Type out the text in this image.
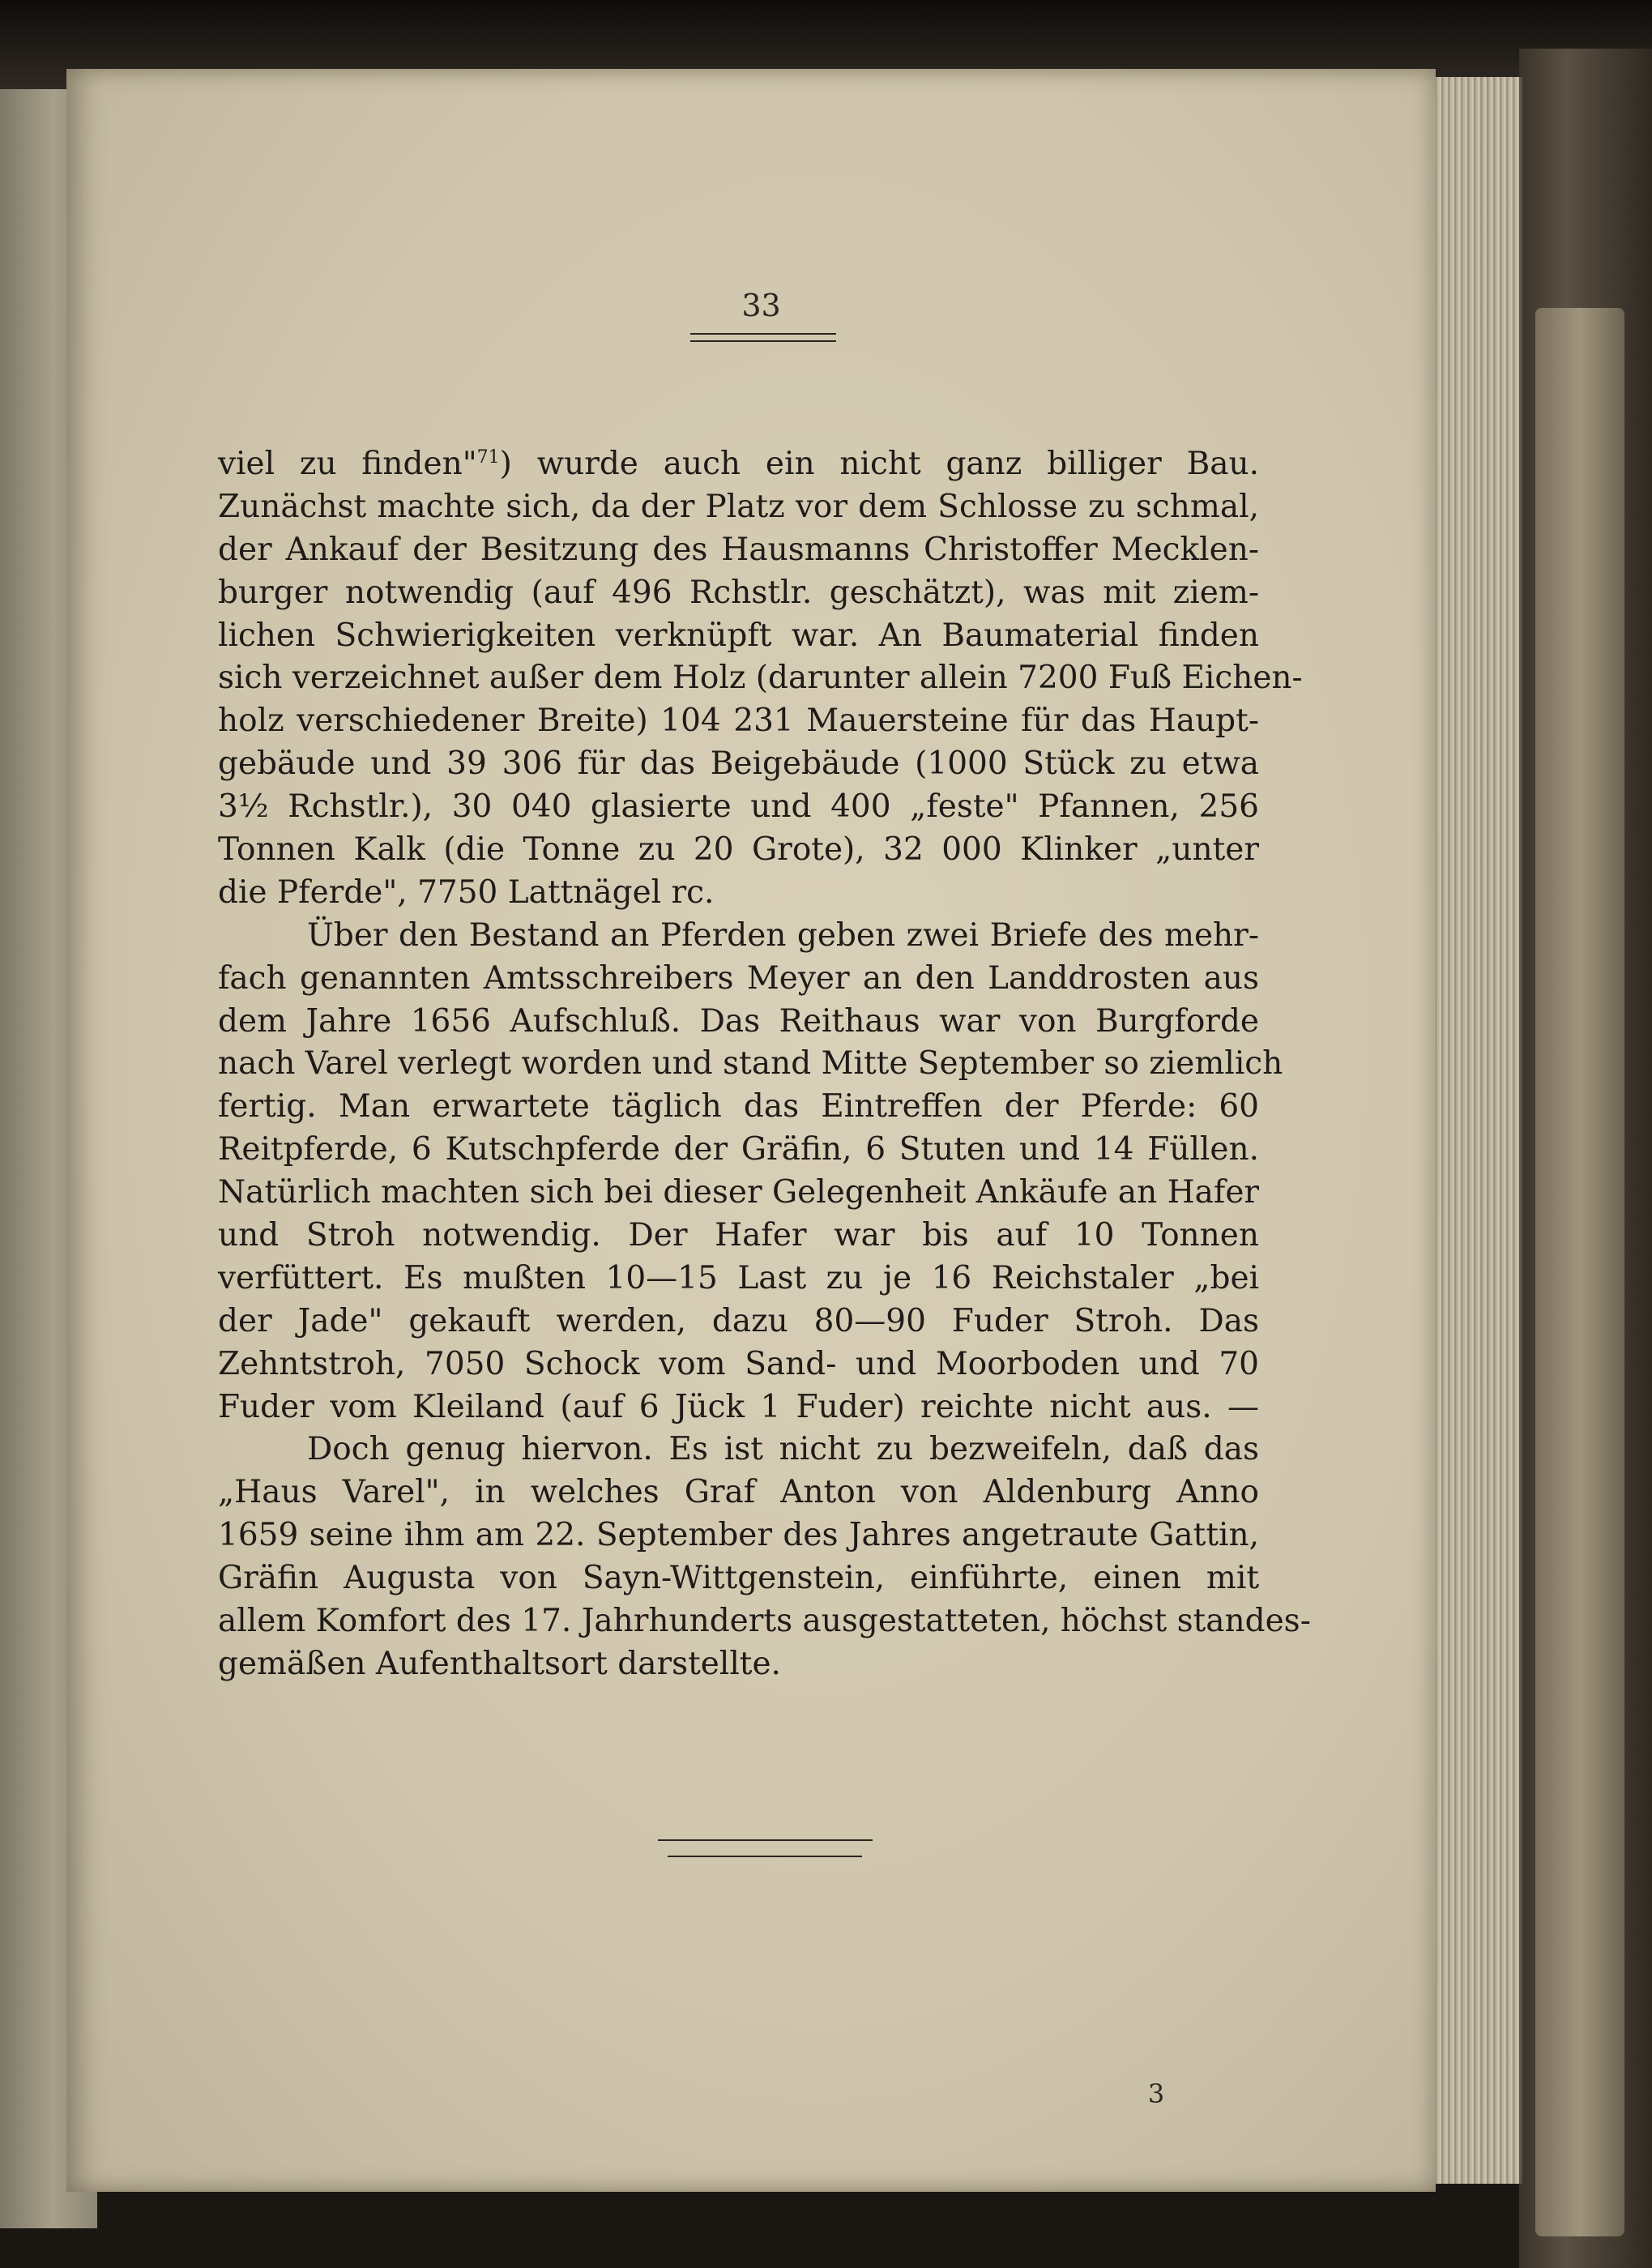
33
viel zu finden"$^{71}$) wurde auch ein nicht ganz billiger Bau.
Zunächst machte sich, da der Platz vor dem Schlosse zu schmal,
der Ankauf der Besitzung des Hausmanns Christoffer Mecklen-
burger notwendig (auf 496 Rchstlr. geschätzt), was mit ziem-
lichen Schwierigkeiten verknüpft war. An Baumaterial finden
sich verzeichnet außer dem Holz (darunter allein 7200 Fuß Eichen-
holz verschiedener Breite) 104 231 Mauersteine für das Haupt-
gebäude und 39 306 für das Beigebäude (1000 Stück zu etwa
3½ Rchstlr.), 30 040 glasierte und 400 „feste" Pfannen, 256
Tonnen Kalk (die Tonne zu 20 Grote), 32 000 Klinker „unter
die Pferde", 7750 Lattnägel rc.
Über den Bestand an Pferden geben zwei Briefe des mehr-
fach genannten Amtsschreibers Meyer an den Landdrosten aus
dem Jahre 1656 Aufschluß. Das Reithaus war von Burgforde
nach Varel verlegt worden und stand Mitte September so ziemlich
fertig. Man erwartete täglich das Eintreffen der Pferde: 60
Reitpferde, 6 Kutschpferde der Gräfin, 6 Stuten und 14 Füllen.
Natürlich machten sich bei dieser Gelegenheit Ankäufe an Hafer
und Stroh notwendig. Der Hafer war bis auf 10 Tonnen
verfüttert. Es mußten 10—15 Last zu je 16 Reichstaler „bei
der Jade" gekauft werden, dazu 80—90 Fuder Stroh. Das
Zehntstroh, 7050 Schock vom Sand- und Moorboden und 70
Fuder vom Kleiland (auf 6 Jück 1 Fuder) reichte nicht aus. —
Doch genug hiervon. Es ist nicht zu bezweifeln, daß das
„Haus Varel", in welches Graf Anton von Aldenburg Anno
1659 seine ihm am 22. September des Jahres angetraute Gattin,
Gräfin Augusta von Sayn-Wittgenstein, einführte, einen mit
allem Komfort des 17. Jahrhunderts ausgestatteten, höchst standes-
gemäßen Aufenthaltsort darstellte.
3
